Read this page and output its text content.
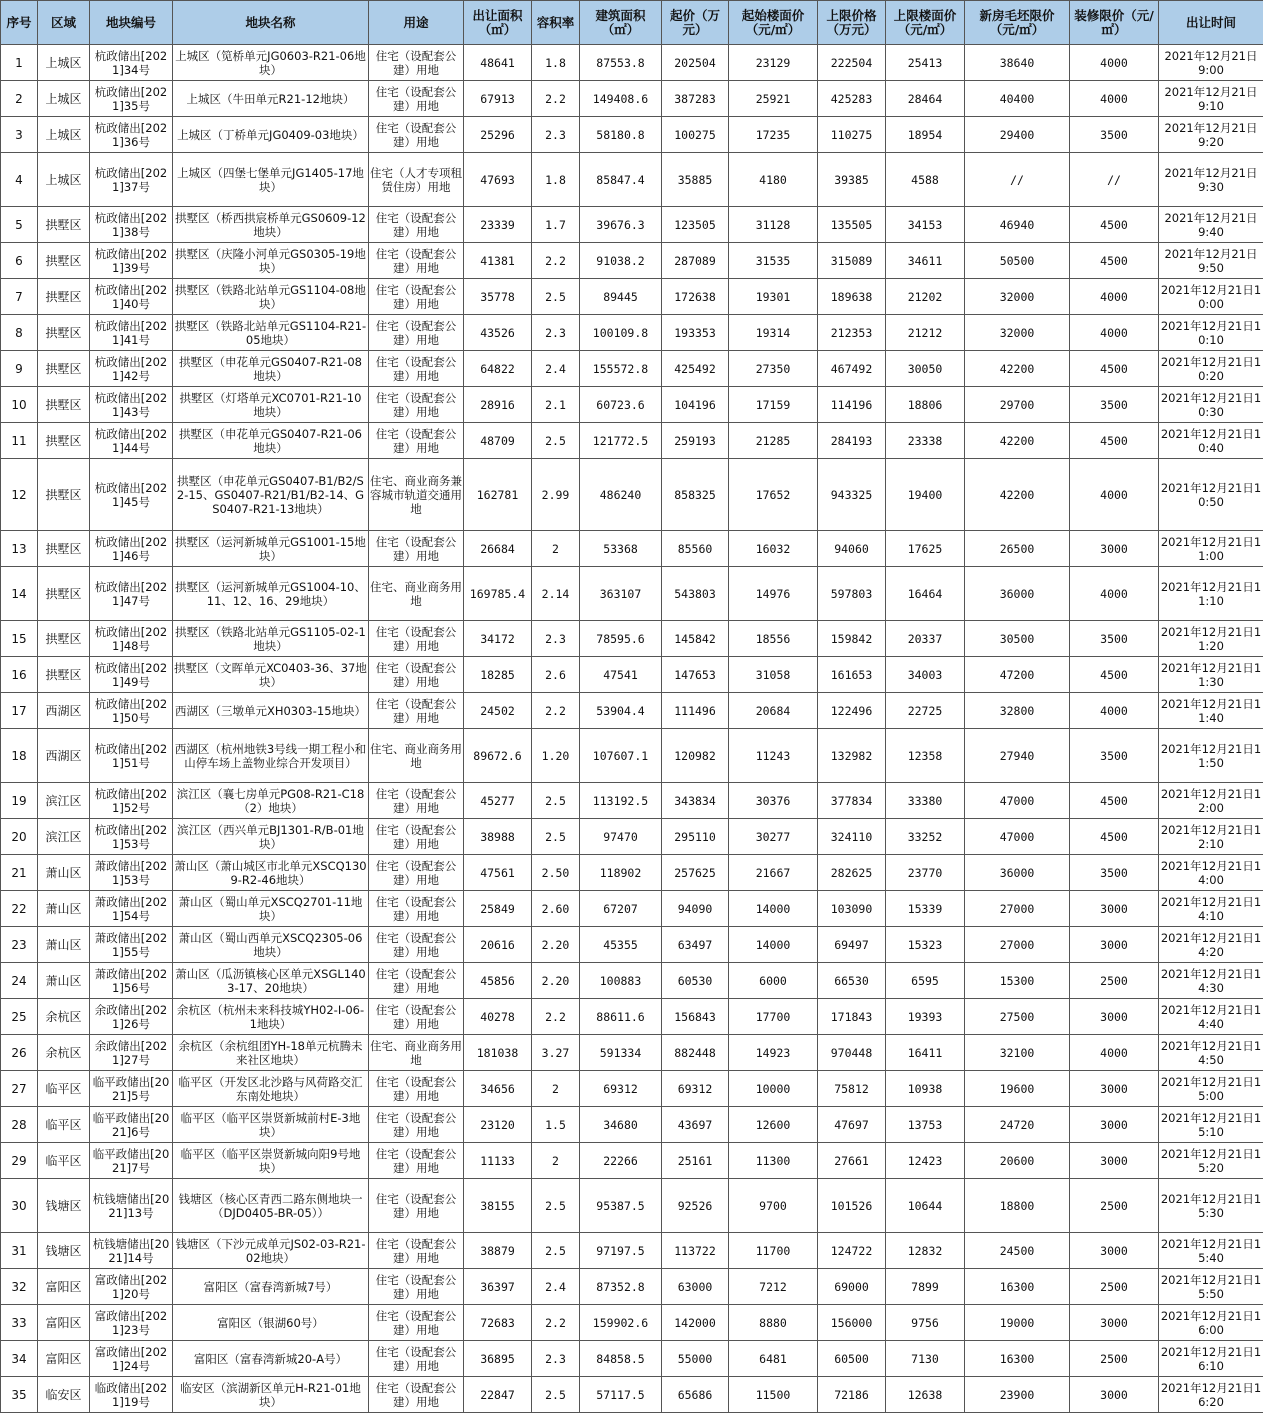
序号	区域	地块编号	地块名称	用途	出让面积（㎡）	容积率	建筑面积（㎡）	起价（万元）	起始楼面价（元/㎡）	上限价格（万元）	上限楼面价（元/㎡）	新房毛坯限价（元/㎡）	装修限价（元/㎡）	出让时间
1	上城区	杭政储出[2021]34号	上城区（笕桥单元JG0603-R21-06地块）	住宅（设配套公建）用地	48641	1.8	87553.8	202504	23129	222504	25413	38640	4000	2021年12月21日9:00
2	上城区	杭政储出[2021]35号	上城区（牛田单元R21-12地块）	住宅（设配套公建）用地	67913	2.2	149408.6	387283	25921	425283	28464	40400	4000	2021年12月21日9:10
3	上城区	杭政储出[2021]36号	上城区（丁桥单元JG0409-03地块）	住宅（设配套公建）用地	25296	2.3	58180.8	100275	17235	110275	18954	29400	3500	2021年12月21日9:20
4	上城区	杭政储出[2021]37号	上城区（四堡七堡单元JG1405-17地块）	住宅（人才专项租赁住房）用地	47693	1.8	85847.4	35885	4180	39385	4588	//	//	2021年12月21日9:30
5	拱墅区	杭政储出[2021]38号	拱墅区（桥西拱宸桥单元GS0609-12地块）	住宅（设配套公建）用地	23339	1.7	39676.3	123505	31128	135505	34153	46940	4500	2021年12月21日9:40
6	拱墅区	杭政储出[2021]39号	拱墅区（庆隆小河单元GS0305-19地块）	住宅（设配套公建）用地	41381	2.2	91038.2	287089	31535	315089	34611	50500	4500	2021年12月21日9:50
7	拱墅区	杭政储出[2021]40号	拱墅区（铁路北站单元GS1104-08地块）	住宅（设配套公建）用地	35778	2.5	89445	172638	19301	189638	21202	32000	4000	2021年12月21日10:00
8	拱墅区	杭政储出[2021]41号	拱墅区（铁路北站单元GS1104-R21-05地块）	住宅（设配套公建）用地	43526	2.3	100109.8	193353	19314	212353	21212	32000	4000	2021年12月21日10:10
9	拱墅区	杭政储出[2021]42号	拱墅区（申花单元GS0407-R21-08地块）	住宅（设配套公建）用地	64822	2.4	155572.8	425492	27350	467492	30050	42200	4500	2021年12月21日10:20
10	拱墅区	杭政储出[2021]43号	拱墅区（灯塔单元XC0701-R21-10地块）	住宅（设配套公建）用地	28916	2.1	60723.6	104196	17159	114196	18806	29700	3500	2021年12月21日10:30
11	拱墅区	杭政储出[2021]44号	拱墅区（申花单元GS0407-R21-06地块）	住宅（设配套公建）用地	48709	2.5	121772.5	259193	21285	284193	23338	42200	4500	2021年12月21日10:40
12	拱墅区	杭政储出[2021]45号	拱墅区（申花单元GS0407-B1/B2/S2-15、GS0407-R21/B1/B2-14、GS0407-R21-13地块）	住宅、商业商务兼容城市轨道交通用地	162781	2.99	486240	858325	17652	943325	19400	42200	4000	2021年12月21日10:50
13	拱墅区	杭政储出[2021]46号	拱墅区（运河新城单元GS1001-15地块）	住宅（设配套公建）用地	26684	2	53368	85560	16032	94060	17625	26500	3000	2021年12月21日11:00
14	拱墅区	杭政储出[2021]47号	拱墅区（运河新城单元GS1004-10、11、12、16、29地块）	住宅、商业商务用地	169785.4	2.14	363107	543803	14976	597803	16464	36000	4000	2021年12月21日11:10
15	拱墅区	杭政储出[2021]48号	拱墅区（铁路北站单元GS1105-02-1地块）	住宅（设配套公建）用地	34172	2.3	78595.6	145842	18556	159842	20337	30500	3500	2021年12月21日11:20
16	拱墅区	杭政储出[2021]49号	拱墅区（文晖单元XC0403-36、37地块）	住宅（设配套公建）用地	18285	2.6	47541	147653	31058	161653	34003	47200	4500	2021年12月21日11:30
17	西湖区	杭政储出[2021]50号	西湖区（三墩单元XH0303-15地块）	住宅（设配套公建）用地	24502	2.2	53904.4	111496	20684	122496	22725	32800	4000	2021年12月21日11:40
18	西湖区	杭政储出[2021]51号	西湖区（杭州地铁3号线一期工程小和山停车场上盖物业综合开发项目）	住宅、商业商务用地	89672.6	1.20	107607.1	120982	11243	132982	12358	27940	3500	2021年12月21日11:50
19	滨江区	杭政储出[2021]52号	滨江区（襄七房单元PG08-R21-C18（2）地块）	住宅（设配套公建）用地	45277	2.5	113192.5	343834	30376	377834	33380	47000	4500	2021年12月21日12:00
20	滨江区	杭政储出[2021]53号	滨江区（西兴单元BJ1301-R/B-01地块）	住宅（设配套公建）用地	38988	2.5	97470	295110	30277	324110	33252	47000	4500	2021年12月21日12:10
21	萧山区	萧政储出[2021]53号	萧山区（萧山城区市北单元XSCQ1309-R2-46地块）	住宅（设配套公建）用地	47561	2.50	118902	257625	21667	282625	23770	36000	3500	2021年12月21日14:00
22	萧山区	萧政储出[2021]54号	萧山区（蜀山单元XSCQ2701-11地块）	住宅（设配套公建）用地	25849	2.60	67207	94090	14000	103090	15339	27000	3000	2021年12月21日14:10
23	萧山区	萧政储出[2021]55号	萧山区（蜀山西单元XSCQ2305-06地块）	住宅（设配套公建）用地	20616	2.20	45355	63497	14000	69497	15323	27000	3000	2021年12月21日14:20
24	萧山区	萧政储出[2021]56号	萧山区（瓜沥镇核心区单元XSGL1403-17、20地块）	住宅（设配套公建）用地	45856	2.20	100883	60530	6000	66530	6595	15300	2500	2021年12月21日14:30
25	余杭区	余政储出[2021]26号	余杭区（杭州未来科技城YH02-I-06-1地块）	住宅（设配套公建）用地	40278	2.2	88611.6	156843	17700	171843	19393	27500	3000	2021年12月21日14:40
26	余杭区	余政储出[2021]27号	余杭区（余杭组团YH-18单元杭腾未来社区地块）	住宅、商业商务用地	181038	3.27	591334	882448	14923	970448	16411	32100	4000	2021年12月21日14:50
27	临平区	临平政储出[2021]5号	临平区（开发区北沙路与风荷路交汇东南处地块）	住宅（设配套公建）用地	34656	2	69312	69312	10000	75812	10938	19600	3000	2021年12月21日15:00
28	临平区	临平政储出[2021]6号	临平区（临平区崇贤新城前村E-3地块）	住宅（设配套公建）用地	23120	1.5	34680	43697	12600	47697	13753	24720	3000	2021年12月21日15:10
29	临平区	临平政储出[2021]7号	临平区（临平区崇贤新城向阳9号地块）	住宅（设配套公建）用地	11133	2	22266	25161	11300	27661	12423	20600	3000	2021年12月21日15:20
30	钱塘区	杭钱塘储出[2021]13号	钱塘区（核心区青西二路东侧地块一（DJD0405-BR-05））	住宅（设配套公建）用地	38155	2.5	95387.5	92526	9700	101526	10644	18800	2500	2021年12月21日15:30
31	钱塘区	杭钱塘储出[2021]14号	钱塘区（下沙元成单元JS02-03-R21-02地块）	住宅（设配套公建）用地	38879	2.5	97197.5	113722	11700	124722	12832	24500	3000	2021年12月21日15:40
32	富阳区	富政储出[2021]20号	富阳区（富春湾新城7号）	住宅（设配套公建）用地	36397	2.4	87352.8	63000	7212	69000	7899	16300	2500	2021年12月21日15:50
33	富阳区	富政储出[2021]23号	富阳区（银湖60号）	住宅（设配套公建）用地	72683	2.2	159902.6	142000	8880	156000	9756	19000	3000	2021年12月21日16:00
34	富阳区	富政储出[2021]24号	富阳区（富春湾新城20-A号）	住宅（设配套公建）用地	36895	2.3	84858.5	55000	6481	60500	7130	16300	2500	2021年12月21日16:10
35	临安区	临政储出[2021]19号	临安区（滨湖新区单元H-R21-01地块）	住宅（设配套公建）用地	22847	2.5	57117.5	65686	11500	72186	12638	23900	3000	2021年12月21日16:20
